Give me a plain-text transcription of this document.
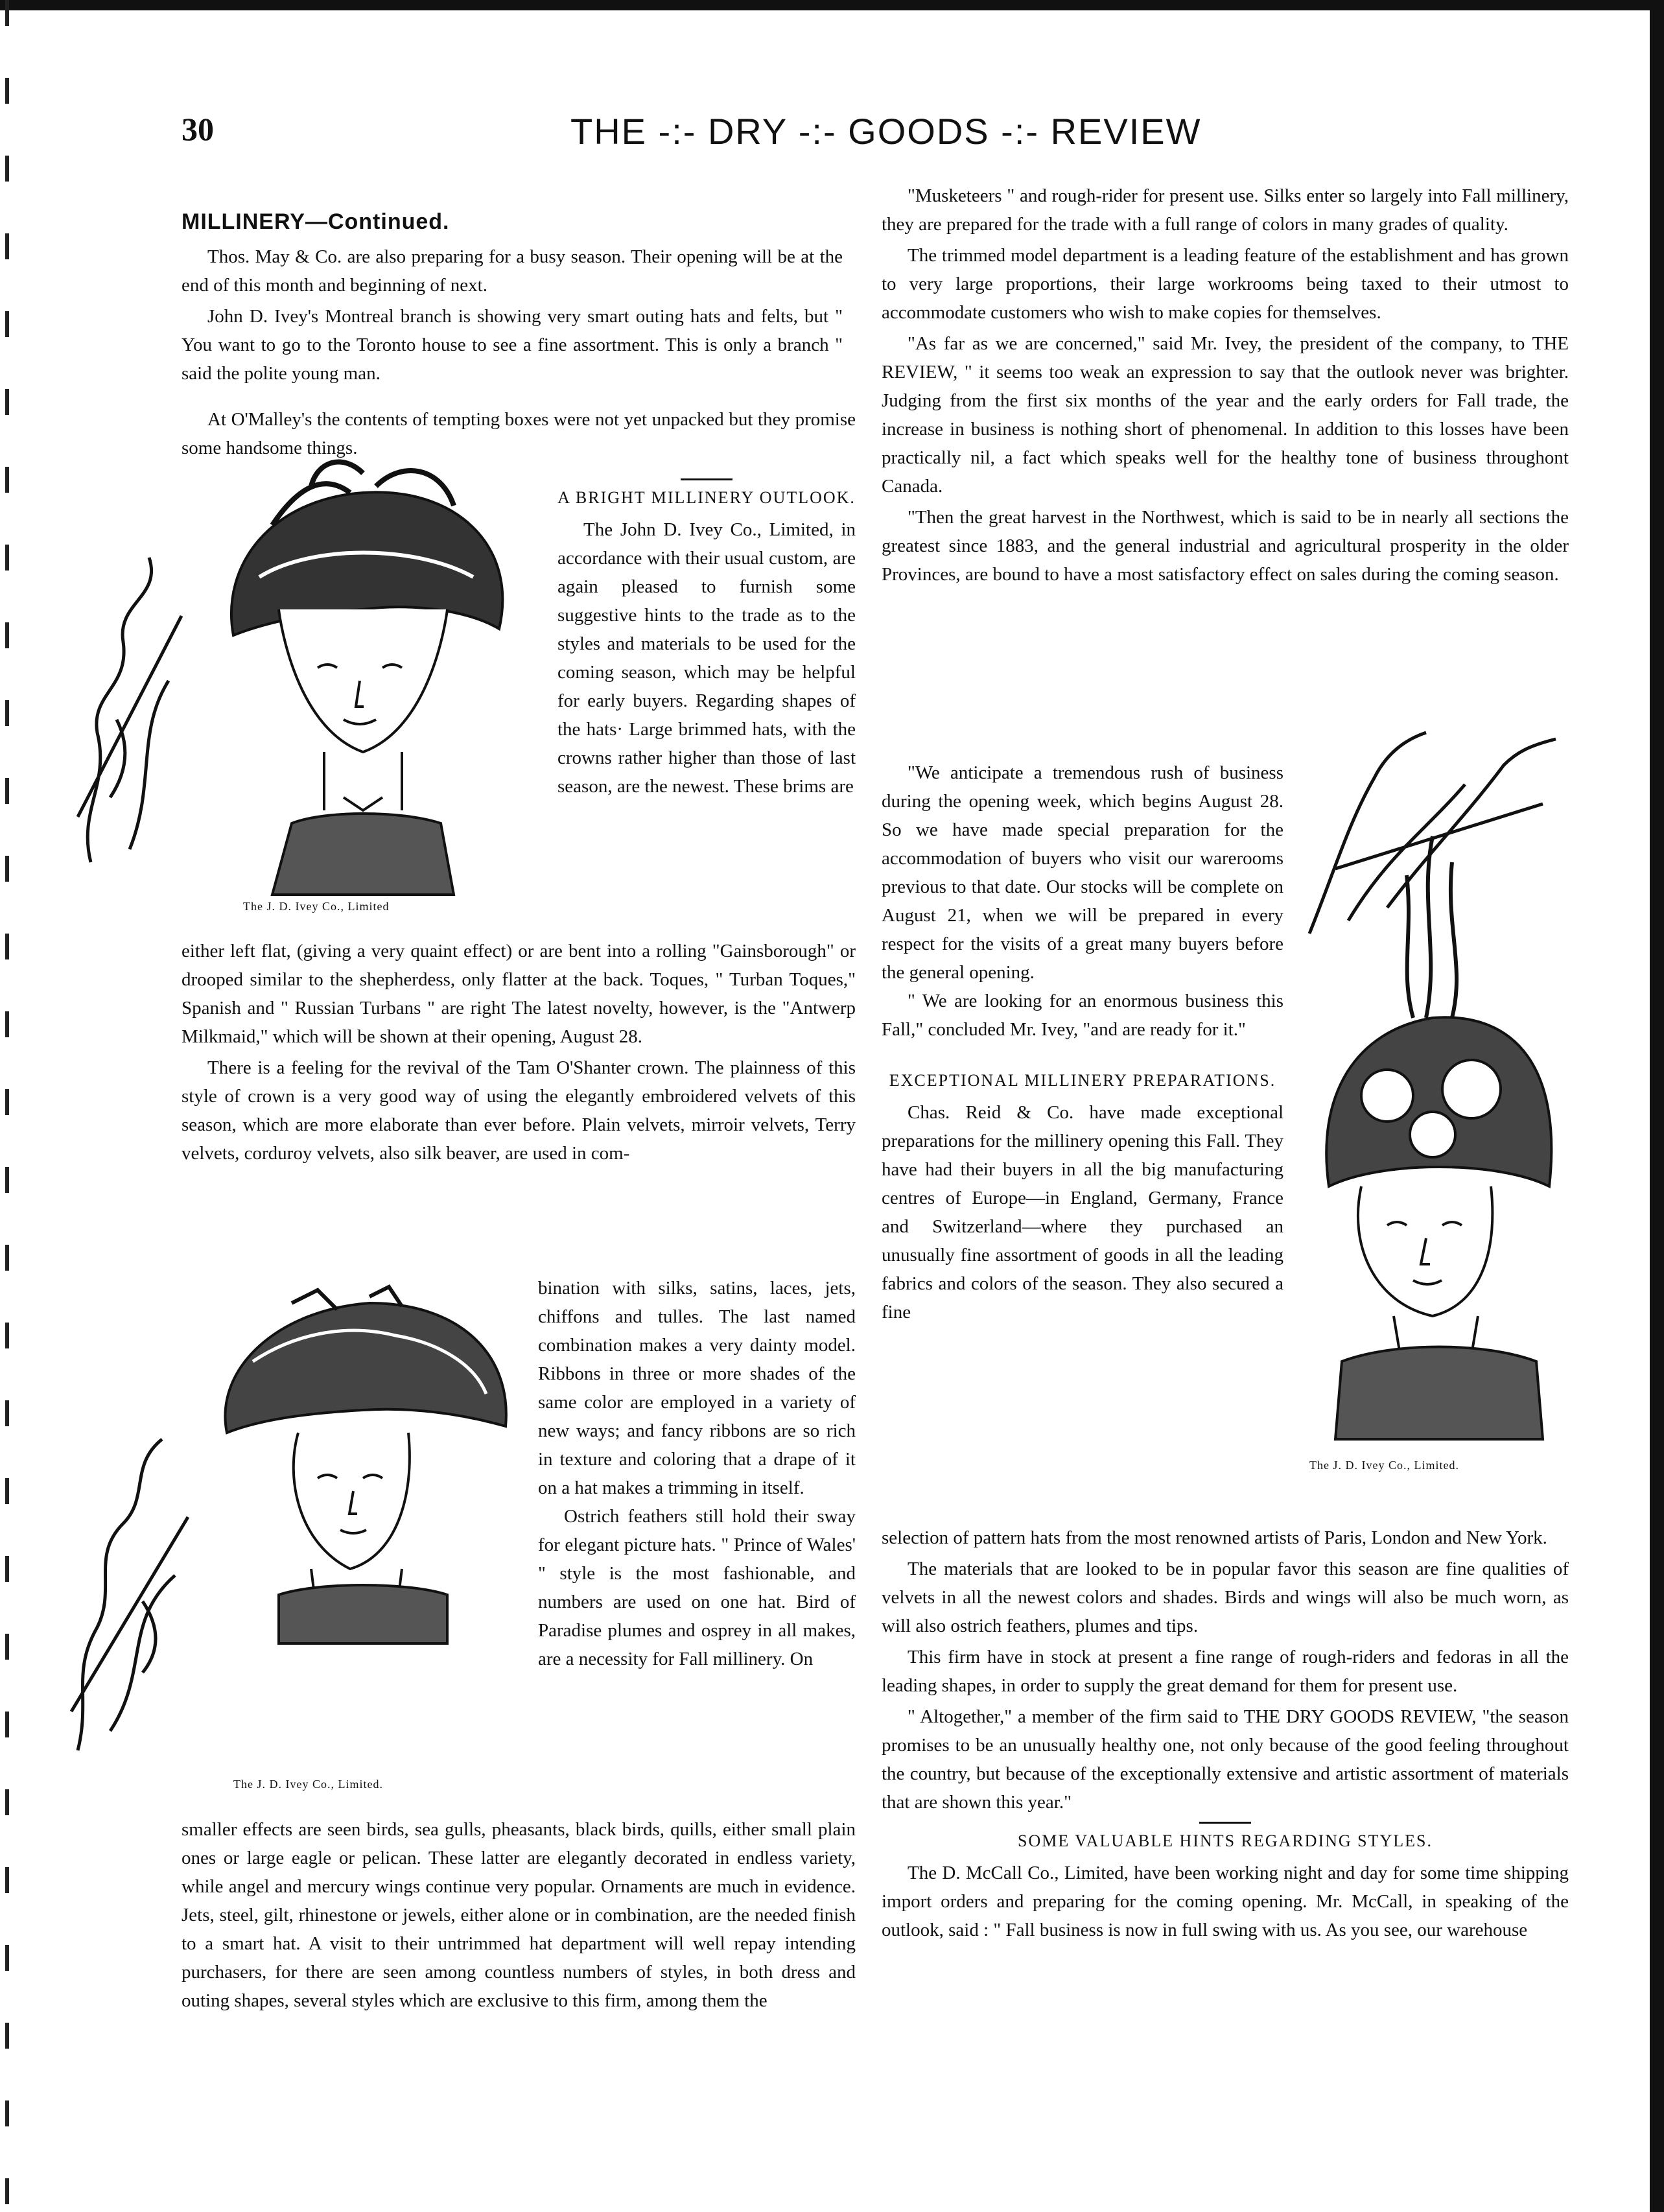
30	THE -:- DRY -:- GOODS -:- REVIEW
MILLINERY—Continued.

Thos. May & Co. are also preparing for a busy season. Their opening will be at the end of this month and beginning of next.

John D. Ivey's Montreal branch is showing very smart outing hats and felts, but " You want to go to the Toronto house to see a fine assortment. This is only a branch " said the polite young man.

The J. D. Ivey Co., Limited

At O'Malley's the contents of tempting boxes were not yet unpacked but they promise some handsome things.

A BRIGHT MILLINERY OUTLOOK.

The John D. Ivey Co., Limited, in accordance with their usual custom, are again pleased to furnish some suggestive hints to the trade as to the styles and materials to be used for the coming season, which may be helpful for early buyers. Regarding shapes of the hats· Large brimmed hats, with the crowns rather higher than those of last season, are the newest. These brims are

either left flat, (giving a very quaint effect) or are bent into a rolling "Gainsborough" or drooped similar to the shepherdess, only flatter at the back. Toques, " Turban Toques," Spanish and " Russian Turbans " are right The latest novelty, however, is the "Antwerp Milkmaid," which will be shown at their opening, August 28.

There is a feeling for the revival of the Tam O'Shanter crown. The plainness of this style of crown is a very good way of using the elegantly embroidered velvets of this season, which are more elaborate than ever before. Plain velvets, mirroir velvets, Terry velvets, corduroy velvets, also silk beaver, are used in com-

The J. D. Ivey Co., Limited.

bination with silks, satins, laces, jets, chiffons and tulles. The last named combination makes a very dainty model. Ribbons in three or more shades of the same color are employed in a variety of new ways; and fancy ribbons are so rich in texture and coloring that a drape of it on a hat makes a trimming in itself.

Ostrich feathers still hold their sway for elegant picture hats. " Prince of Wales' " style is the most fashionable, and numbers are used on one hat. Bird of Paradise plumes and osprey in all makes, are a necessity for Fall millinery. On

smaller effects are seen birds, sea gulls, pheasants, black birds, quills, either small plain ones or large eagle or pelican. These latter are elegantly decorated in endless variety, while angel and mercury wings continue very popular. Ornaments are much in evidence. Jets, steel, gilt, rhinestone or jewels, either alone or in combination, are the needed finish to a smart hat. A visit to their untrimmed hat department will well repay intending purchasers, for there are seen among countless numbers of styles, in both dress and outing shapes, several styles which are exclusive to this firm, among them the

"Musketeers " and rough-rider for present use. Silks enter so largely into Fall millinery, they are prepared for the trade with a full range of colors in many grades of quality.

The trimmed model department is a leading feature of the establishment and has grown to very large proportions, their large workrooms being taxed to their utmost to accommodate customers who wish to make copies for themselves.

"As far as we are concerned," said Mr. Ivey, the president of the company, to THE REVIEW, " it seems too weak an expression to say that the outlook never was brighter. Judging from the first six months of the year and the early orders for Fall trade, the increase in business is nothing short of phenomenal. In addition to this losses have been practically nil, a fact which speaks well for the healthy tone of business throughont Canada.

"Then the great harvest in the Northwest, which is said to be in nearly all sections the greatest since 1883, and the general industrial and agricultural prosperity in the older Provinces, are bound to have a most satisfactory effect on sales during the coming season.

"We anticipate a tremendous rush of business during the opening week, which begins August 28. So we have made special preparation for the accommodation of buyers who visit our warerooms previous to that date. Our stocks will be complete on August 21, when we will be prepared in every respect for the visits of a great many buyers before the general opening.

" We are looking for an enormous business this Fall," concluded Mr. Ivey, "and are ready for it."

EXCEPTIONAL MILLINERY PREPARATIONS.

Chas. Reid & Co. have made exceptional preparations for the millinery opening this Fall. They have had their buyers in all the big manufacturing centres of Europe—in England, Germany, France and Switzerland—where they purchased an unusually fine assortment of goods in all the leading fabrics and colors of the season. They also secured a fine

The J. D. Ivey Co., Limited.

selection of pattern hats from the most renowned artists of Paris, London and New York.

The materials that are looked to be in popular favor this season are fine qualities of velvets in all the newest colors and shades. Birds and wings will also be much worn, as will also ostrich feathers, plumes and tips.

This firm have in stock at present a fine range of rough-riders and fedoras in all the leading shapes, in order to supply the great demand for them for present use.

" Altogether," a member of the firm said to THE DRY GOODS REVIEW, "the season promises to be an unusually healthy one, not only because of the good feeling throughout the country, but because of the exceptionally extensive and artistic assortment of materials that are shown this year."

SOME VALUABLE HINTS REGARDING STYLES.

The D. McCall Co., Limited, have been working night and day for some time shipping import orders and preparing for the coming opening. Mr. McCall, in speaking of the outlook, said : " Fall business is now in full swing with us. As you see, our warehouse
